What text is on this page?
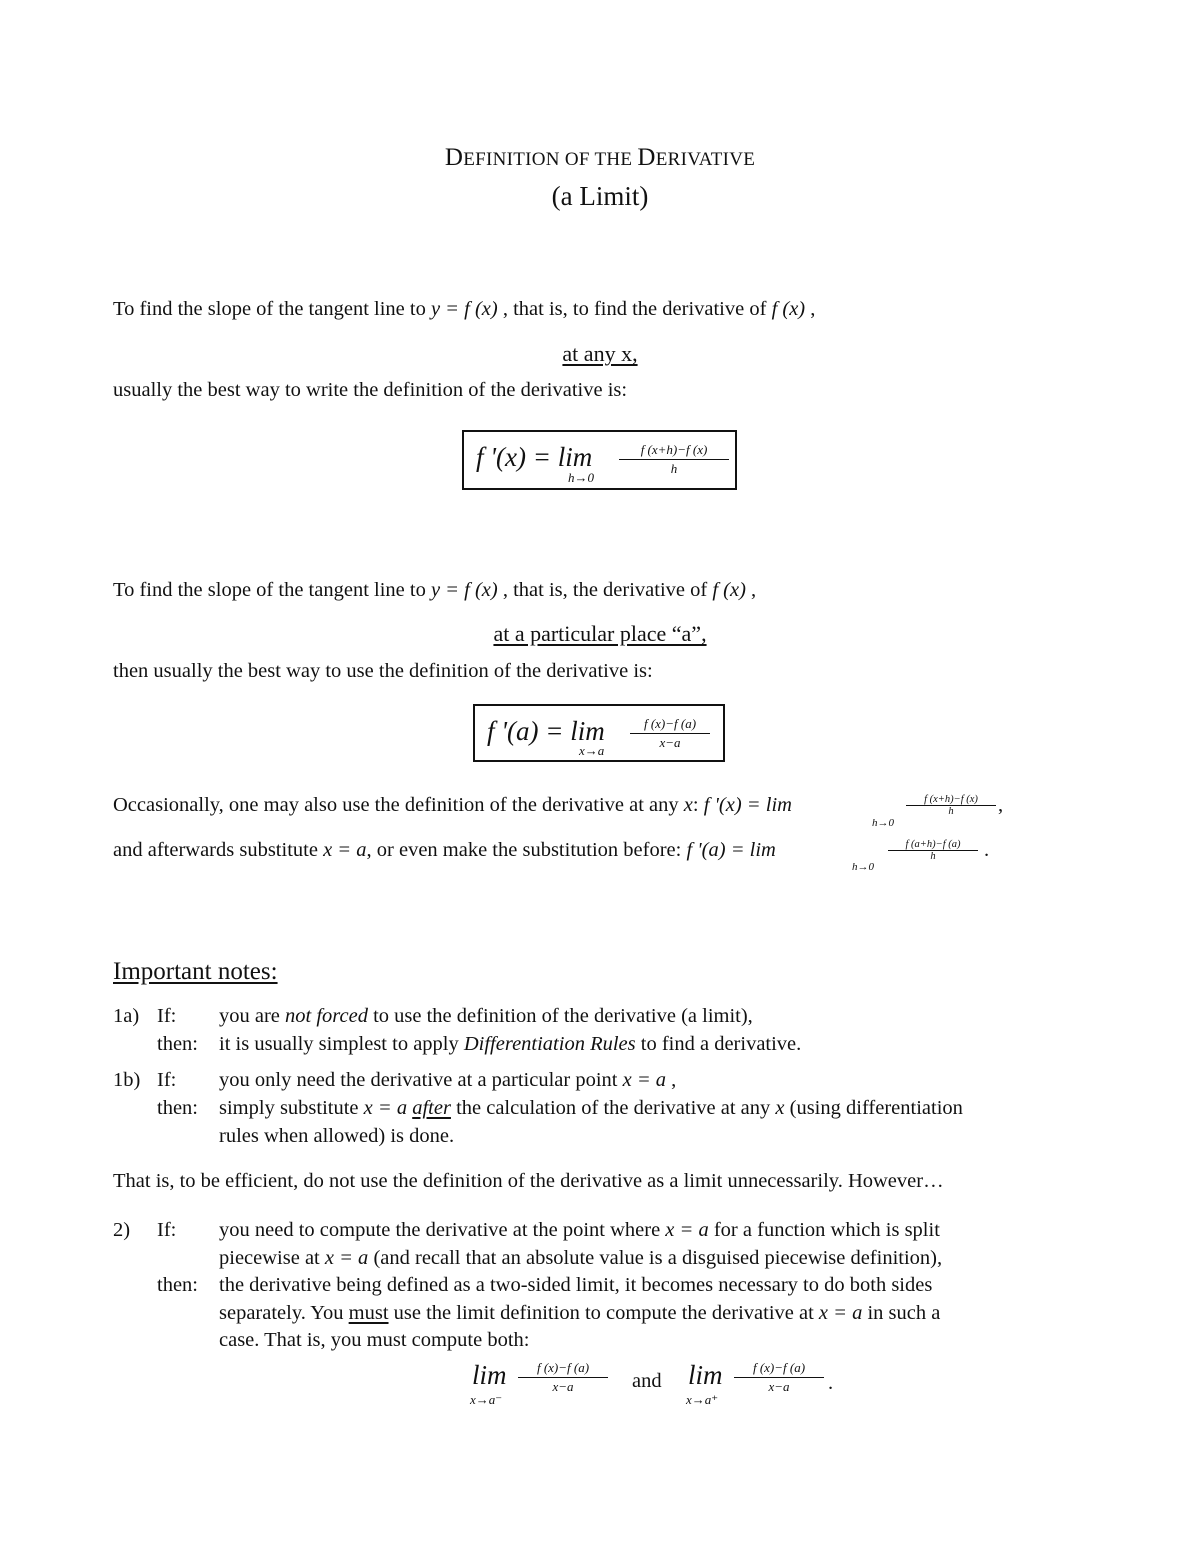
DEFINITION OF THE DERIVATIVE
(a Limit)
To find the slope of the tangent line to y = f (x) , that is, to find the derivative of f (x) ,
at any x,
usually the best way to write the definition of the derivative is:
f '(x) = lim
h→0
$\frac{f (x+h)-f (x)}{h}$
To find the slope of the tangent line to y = f (x) , that is, the derivative of f (x) ,
at a particular place “a”,
then usually the best way to use the definition of the derivative is:
f '(a) = lim
$x\to a \frac{f (x)-f (a)}{x-a}$
Occasionally, one may also use the definition of the derivative at any x: f '(x) = lim
h→0
$\frac{f (x+h)-f (x)}{h}$ ,
and afterwards substitute x = a, or even make the substitution before: f '(a) = lim
h→0
$\frac{f (a+h)-f (a)}{h}$ .
Important notes:
1a) If: you are not forced to use the definition of the derivative (a limit),
then: it is usually simplest to apply Differentiation Rules to find a derivative.
1b) If: you only need the derivative at a particular point x = a ,
then: simply substitute x = a after the calculation of the derivative at any x (using differentiation
rules when allowed) is done.
That is, to be efficient, do not use the definition of the derivative as a limit unnecessarily. However…
2) If: you need to compute the derivative at the point where x = a for a function which is split
piecewise at x = a (and recall that an absolute value is a disguised piecewise definition),
then: the derivative being defined as a two-sided limit, it becomes necessary to do both sides
separately. You must use the limit definition to compute the derivative at x = a in such a
case. That is, you must compute both:
lim
x→a⁻
$\frac{f (x)-f (a)}{x-a}$ and lim
x→a⁺
$\frac{f (x)-f (a)}{x-a}$ .
